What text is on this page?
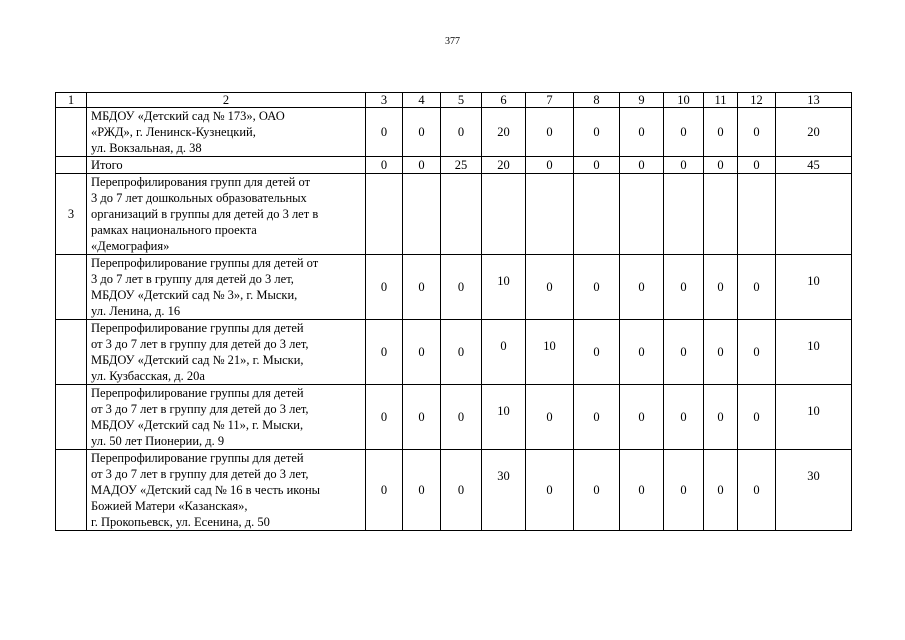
377
1	2	3	4	5	6	7	8	9	10	11	12	13

	МБДОУ «Детский сад № 173», ОАО
«РЖД», г. Ленинск-Кузнецкий,
ул. Вокзальная, д. 38	0	0	0	20	0	0	0	0	0	0	20

	Итого	0	0	25	20	0	0	0	0	0	0	45
3	Перепрофилирования групп для детей от
3 до 7 лет дошкольных образовательных
организаций в группы для детей до 3 лет в
рамках национального проекта
«Демография»											

	Перепрофилирование группы для детей от
3 до 7 лет в группу для детей до 3 лет,
МБДОУ «Детский сад № 3», г. Мыски,
ул. Ленина, д. 16	0	0	0	10	0	0	0	0	0	0	10

	Перепрофилирование группы для детей
от 3 до 7 лет в группу для детей до 3 лет,
МБДОУ «Детский сад № 21», г. Мыски,
ул. Кузбасская, д. 20а	0	0	0	0	10	0	0	0	0	0	10

	Перепрофилирование группы для детей
от 3 до 7 лет в группу для детей до 3 лет,
МБДОУ «Детский сад № 11», г. Мыски,
ул. 50 лет Пионерии, д. 9	0	0	0	10	0	0	0	0	0	0	10

	Перепрофилирование группы для детей
от 3 до 7 лет в группу для детей до 3 лет,
МАДОУ «Детский сад № 16 в честь иконы
Божией Матери «Казанская»,
г. Прокопьевск, ул. Есенина, д. 50	0	0	0	30	0	0	0	0	0	0	30
